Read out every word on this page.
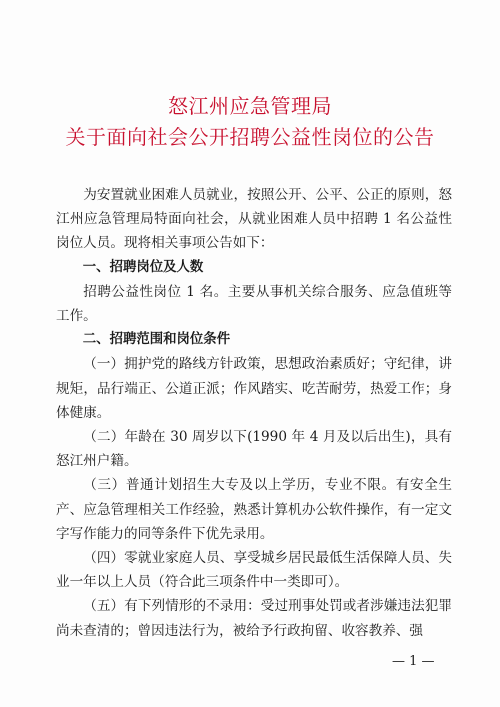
怒江州应急管理局
关于面向社会公开招聘公益性岗位的公告

为安置就业困难人员就业，按照公开、公平、公正的原则，怒江州应急管理局特面向社会，从就业困难人员中招聘 1 名公益性岗位人员。现将相关事项公告如下：

一、招聘岗位及人数

招聘公益性岗位 1 名。主要从事机关综合服务、应急值班等工作。

二、招聘范围和岗位条件

（一）拥护党的路线方针政策，思想政治素质好；守纪律，讲规矩，品行端正、公道正派；作风踏实、吃苦耐劳，热爱工作；身体健康。

（二）年龄在 30 周岁以下(1990 年 4 月及以后出生)，具有怒江州户籍。

（三）普通计划招生大专及以上学历，专业不限。有安全生产、应急管理相关工作经验，熟悉计算机办公软件操作，有一定文字写作能力的同等条件下优先录用。

（四）零就业家庭人员、享受城乡居民最低生活保障人员、失业一年以上人员（符合此三项条件中一类即可）。

（五）有下列情形的不录用：受过刑事处罚或者涉嫌违法犯罪尚未查清的；曾因违法行为，被给予行政拘留、收容教养、强

— 1 —
